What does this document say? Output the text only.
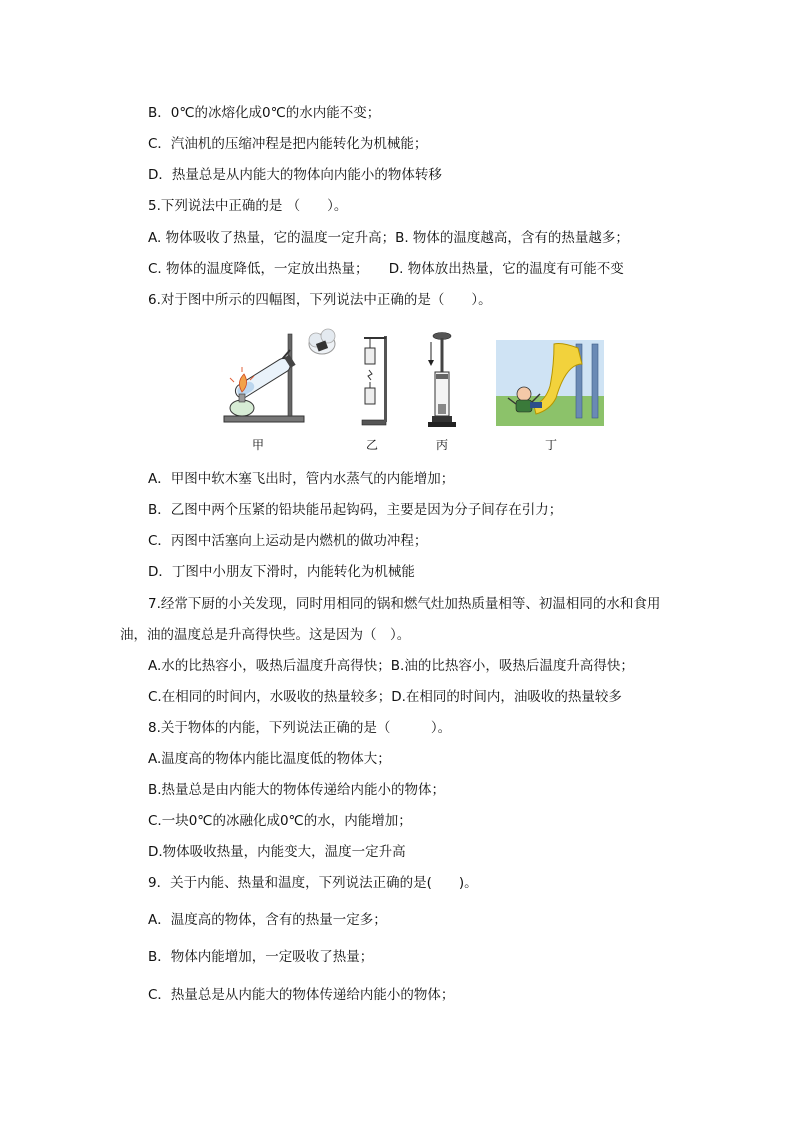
B．0℃的冰熔化成0℃的水内能不变；
C．汽油机的压缩冲程是把内能转化为机械能；
D．热量总是从内能大的物体向内能小的物体转移
5.下列说法中正确的是 （　　）。
A. 物体吸收了热量，它的温度一定升高；B. 物体的温度越高，含有的热量越多；
C. 物体的温度降低，一定放出热量；　　D. 物体放出热量，它的温度有可能不变
6.对于图中所示的四幅图，下列说法中正确的是（　　）。
甲	乙	丙	丁
A．甲图中软木塞飞出时，管内水蒸气的内能增加；
B．乙图中两个压紧的铅块能吊起钩码，主要是因为分子间存在引力；
C．丙图中活塞向上运动是内燃机的做功冲程；
D．丁图中小朋友下滑时，内能转化为机械能
7.经常下厨的小关发现，同时用相同的锅和燃气灶加热质量相等、初温相同的水和食用
油，油的温度总是升高得快些。这是因为（　）。
A.水的比热容小，吸热后温度升高得快；B.油的比热容小，吸热后温度升高得快；
C.在相同的时间内，水吸收的热量较多；D.在相同的时间内，油吸收的热量较多
8.关于物体的内能，下列说法正确的是（　　　）。
A.温度高的物体内能比温度低的物体大；
B.热量总是由内能大的物体传递给内能小的物体；
C.一块0℃的冰融化成0℃的水，内能增加；
D.物体吸收热量，内能变大，温度一定升高
9．关于内能、热量和温度，下列说法正确的是(　　)。
A．温度高的物体，含有的热量一定多；
B．物体内能增加，一定吸收了热量；
C．热量总是从内能大的物体传递给内能小的物体；
